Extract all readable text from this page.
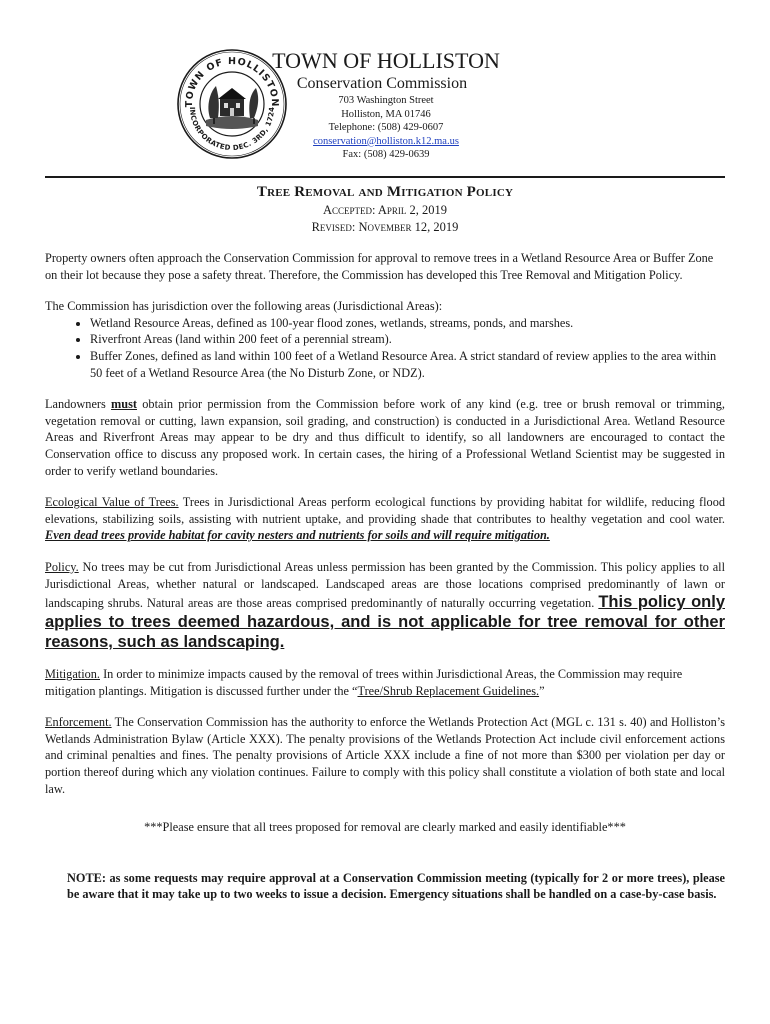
TOWN OF HOLLISTON
INCORPORATED DEC. 3RD, 1724
TOWN OF HOLLISTON
Conservation Commission
703 Washington Street
Holliston, MA 01746
Telephone: (508) 429-0607
conservation@holliston.k12.ma.us
Fax: (508) 429-0639
Tree Removal and Mitigation Policy
Accepted: April 2, 2019
Revised: November 12, 2019

Property owners often approach the Conservation Commission for approval to remove trees in a Wetland Resource Area or Buffer Zone on their lot because they pose a safety threat. Therefore, the Commission has developed this Tree Removal and Mitigation Policy.

The Commission has jurisdiction over the following areas (Jurisdictional Areas):
• Wetland Resource Areas, defined as 100-year flood zones, wetlands, streams, ponds, and marshes.
• Riverfront Areas (land within 200 feet of a perennial stream).
• Buffer Zones, defined as land within 100 feet of a Wetland Resource Area. A strict standard of review applies to the area within 50 feet of a Wetland Resource Area (the No Disturb Zone, or NDZ).

Landowners must obtain prior permission from the Commission before work of any kind (e.g. tree or brush removal or trimming, vegetation removal or cutting, lawn expansion, soil grading, and construction) is conducted in a Jurisdictional Area. Wetland Resource Areas and Riverfront Areas may appear to be dry and thus difficult to identify, so all landowners are encouraged to contact the Conservation office to discuss any proposed work. In certain cases, the hiring of a Professional Wetland Scientist may be suggested in order to verify wetland boundaries.

Ecological Value of Trees. Trees in Jurisdictional Areas perform ecological functions by providing habitat for wildlife, reducing flood elevations, stabilizing soils, assisting with nutrient uptake, and providing shade that contributes to healthy vegetation and cool water. Even dead trees provide habitat for cavity nesters and nutrients for soils and will require mitigation.

Policy. No trees may be cut from Jurisdictional Areas unless permission has been granted by the Commission. This policy applies to all Jurisdictional Areas, whether natural or landscaped. Landscaped areas are those locations comprised predominantly of lawn or landscaping shrubs. Natural areas are those areas comprised predominantly of naturally occurring vegetation. This policy only applies to trees deemed hazardous, and is not applicable for tree removal for other reasons, such as landscaping.

Mitigation. In order to minimize impacts caused by the removal of trees within Jurisdictional Areas, the Commission may require mitigation plantings. Mitigation is discussed further under the “Tree/Shrub Replacement Guidelines.”

Enforcement. The Conservation Commission has the authority to enforce the Wetlands Protection Act (MGL c. 131 s. 40) and Holliston’s Wetlands Administration Bylaw (Article XXX). The penalty provisions of the Wetlands Protection Act include civil enforcement actions and criminal penalties and fines. The penalty provisions of Article XXX include a fine of not more than $300 per violation per day or portion thereof during which any violation continues. Failure to comply with this policy shall constitute a violation of both state and local law.

***Please ensure that all trees proposed for removal are clearly marked and easily identifiable***
NOTE: as some requests may require approval at a Conservation Commission meeting (typically for 2 or more trees), please be aware that it may take up to two weeks to issue a decision. Emergency situations shall be handled on a case-by-case basis.
